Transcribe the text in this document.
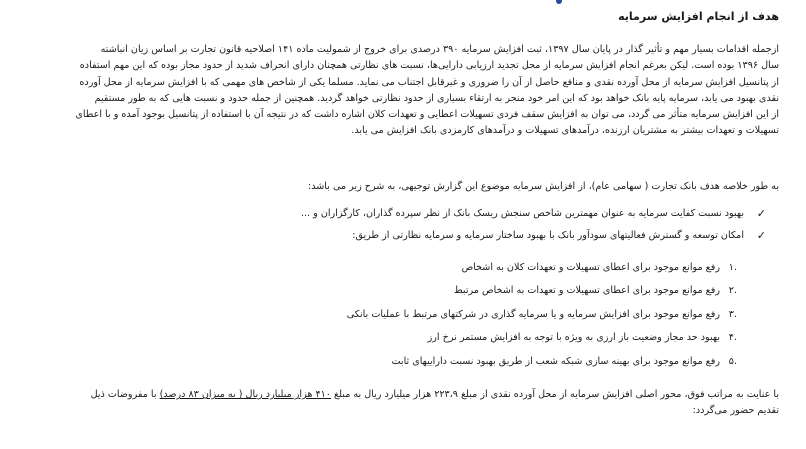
هدف از انجام افزایش سرمایه

ازجمله اقدامات بسیار مهم و تأثیر گذار در پایان سال ۱۳۹۷، ثبت افزایش سرمایه ۳۹۰ درصدی برای خروج از شمولیت ماده ۱۴۱ اصلاحیه قانون تجارت بر اساس زیان انباشته
سال ۱۳۹۶ بوده است. لیکن بعرغم انجام افزایش سرمایه از محل تجدید ارزیابی دارایی‌ها، نسبت های نظارتی همچنان دارای انحراف شدید از حدود مجاز بوده که این مهم استفاده
از پتانسیل افزایش سرمایه از محل آورده نقدی و منافع حاصل از آن را ضروری و غیرقابل اجتناب می نماید. مسلما یکی از شاخص های مهمی که با افزایش سرمایه از محل آورده
نقدی بهبود می یابد، سرمایه پایه بانک خواهد بود که این امر خود منجر به ارتقاء بسیاری از حدود نظارتی خواهد گردید. همچنین از جمله حدود و نسبت هایی که به طور مستقیم
از این افزایش سرمایه متأثر می گردد، می توان به افزایش سقف فردی تسهیلات اعطایی و تعهدات کلان اشاره داشت که در نتیجه آن با استفاده از پتانسیل بوجود آمده و با اعطای
تسهیلات و تعهدات بیشتر به مشتریان ارزنده، درآمدهای تسهیلات و درآمدهای کارمزدی بانک افزایش می یابد.

به طور خلاصه هدف بانک تجارت ( سهامی عام)، از افزایش سرمایه موضوع این گزارش توجیهی، به شرح زیر می باشد:

✓
بهبود نسبت کفایت سرمایه به عنوان مهمترین شاخص سنجش ریسک بانک از نظر سپرده گذاران، کارگزاران و ...
✓
امکان توسعه و گسترش فعالیتهای سودآور بانک با بهبود ساختار سرمایه و سرمایه نظارتی از طریق:
.۱
رفع موانع موجود برای اعطای تسهیلات و تعهدات کلان به اشخاص
.۲
رفع موانع موجود برای اعطای تسهیلات و تعهدات به اشخاص مرتبط
.۳
رفع موانع موجود برای افزایش سرمایه و یا سرمایه گذاری در شرکتهای مرتبط با عملیات بانکی
.۴
بهبود حد مجاز وضعیت باز ارزی به ویژه با توجه به افزایش مستمر نرخ ارز
.۵
رفع موانع موجود برای بهینه سازی شبکه شعب از طریق بهبود نسبت داراییهای ثابت

با عنایت به مراتب فوق، محور اصلی افزایش سرمایه از محل آورده نقدی از مبلغ ۲۲۳،۹ هزار میلیارد ریال به مبلغ ۴۱۰ هزار میلیارد ریال ( به میزان ۸۳ درصد) با مفروضات ذیل
تقدیم حضور می‌گردد:
